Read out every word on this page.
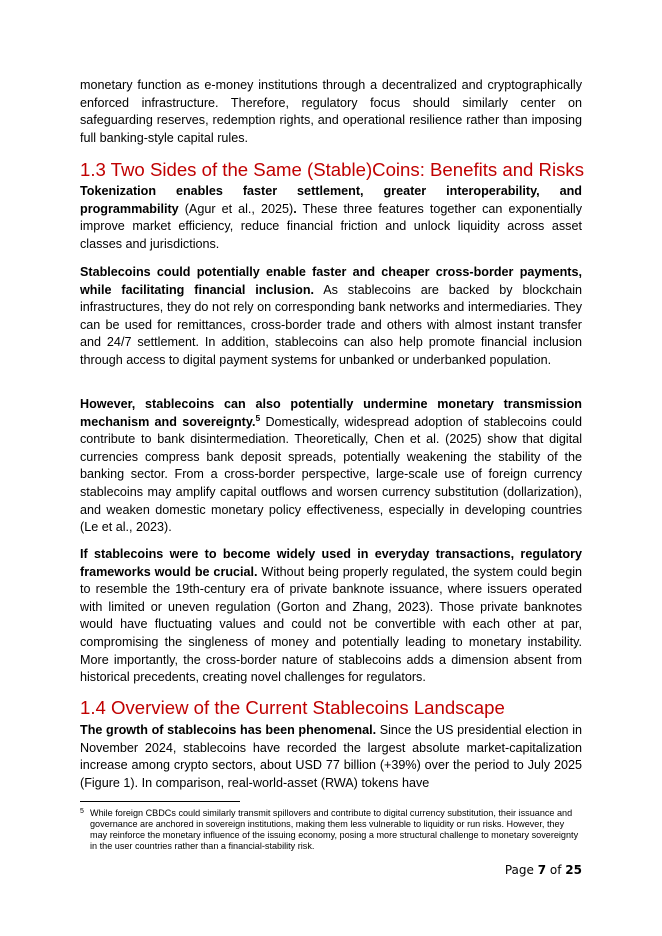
monetary function as e-money institutions through a decentralized and cryptographically enforced infrastructure. Therefore, regulatory focus should similarly center on safeguarding reserves, redemption rights, and operational resilience rather than imposing full banking-style capital rules.

1.3 Two Sides of the Same (Stable)Coins: Benefits and Risks

Tokenization enables faster settlement, greater interoperability, and programmability (Agur et al., 2025). These three features together can exponentially improve market efficiency, reduce financial friction and unlock liquidity across asset classes and jurisdictions.

Stablecoins could potentially enable faster and cheaper cross-border payments, while facilitating financial inclusion. As stablecoins are backed by blockchain infrastructures, they do not rely on corresponding bank networks and intermediaries. They can be used for remittances, cross-border trade and others with almost instant transfer and 24/7 settlement. In addition, stablecoins can also help promote financial inclusion through access to digital payment systems for unbanked or underbanked population.

However, stablecoins can also potentially undermine monetary transmission mechanism and sovereignty.$^5$ Domestically, widespread adoption of stablecoins could contribute to bank disintermediation. Theoretically, Chen et al. (2025) show that digital currencies compress bank deposit spreads, potentially weakening the stability of the banking sector. From a cross-border perspective, large-scale use of foreign currency stablecoins may amplify capital outflows and worsen currency substitution (dollarization), and weaken domestic monetary policy effectiveness, especially in developing countries (Le et al., 2023).

If stablecoins were to become widely used in everyday transactions, regulatory frameworks would be crucial. Without being properly regulated, the system could begin to resemble the 19th-century era of private banknote issuance, where issuers operated with limited or uneven regulation (Gorton and Zhang, 2023). Those private banknotes would have fluctuating values and could not be convertible with each other at par, compromising the singleness of money and potentially leading to monetary instability. More importantly, the cross-border nature of stablecoins adds a dimension absent from historical precedents, creating novel challenges for regulators.

1.4 Overview of the Current Stablecoins Landscape

The growth of stablecoins has been phenomenal. Since the US presidential election in November 2024, stablecoins have recorded the largest absolute market-capitalization increase among crypto sectors, about USD 77 billion (+39%) over the period to July 2025 (Figure 1). In comparison, real-world-asset (RWA) tokens have

5 While foreign CBDCs could similarly transmit spillovers and contribute to digital currency substitution, their issuance and governance are anchored in sovereign institutions, making them less vulnerable to liquidity or run risks. However, they may reinforce the monetary influence of the issuing economy, posing a more structural challenge to monetary sovereignty in the user countries rather than a financial-stability risk.
Page 7 of 25
